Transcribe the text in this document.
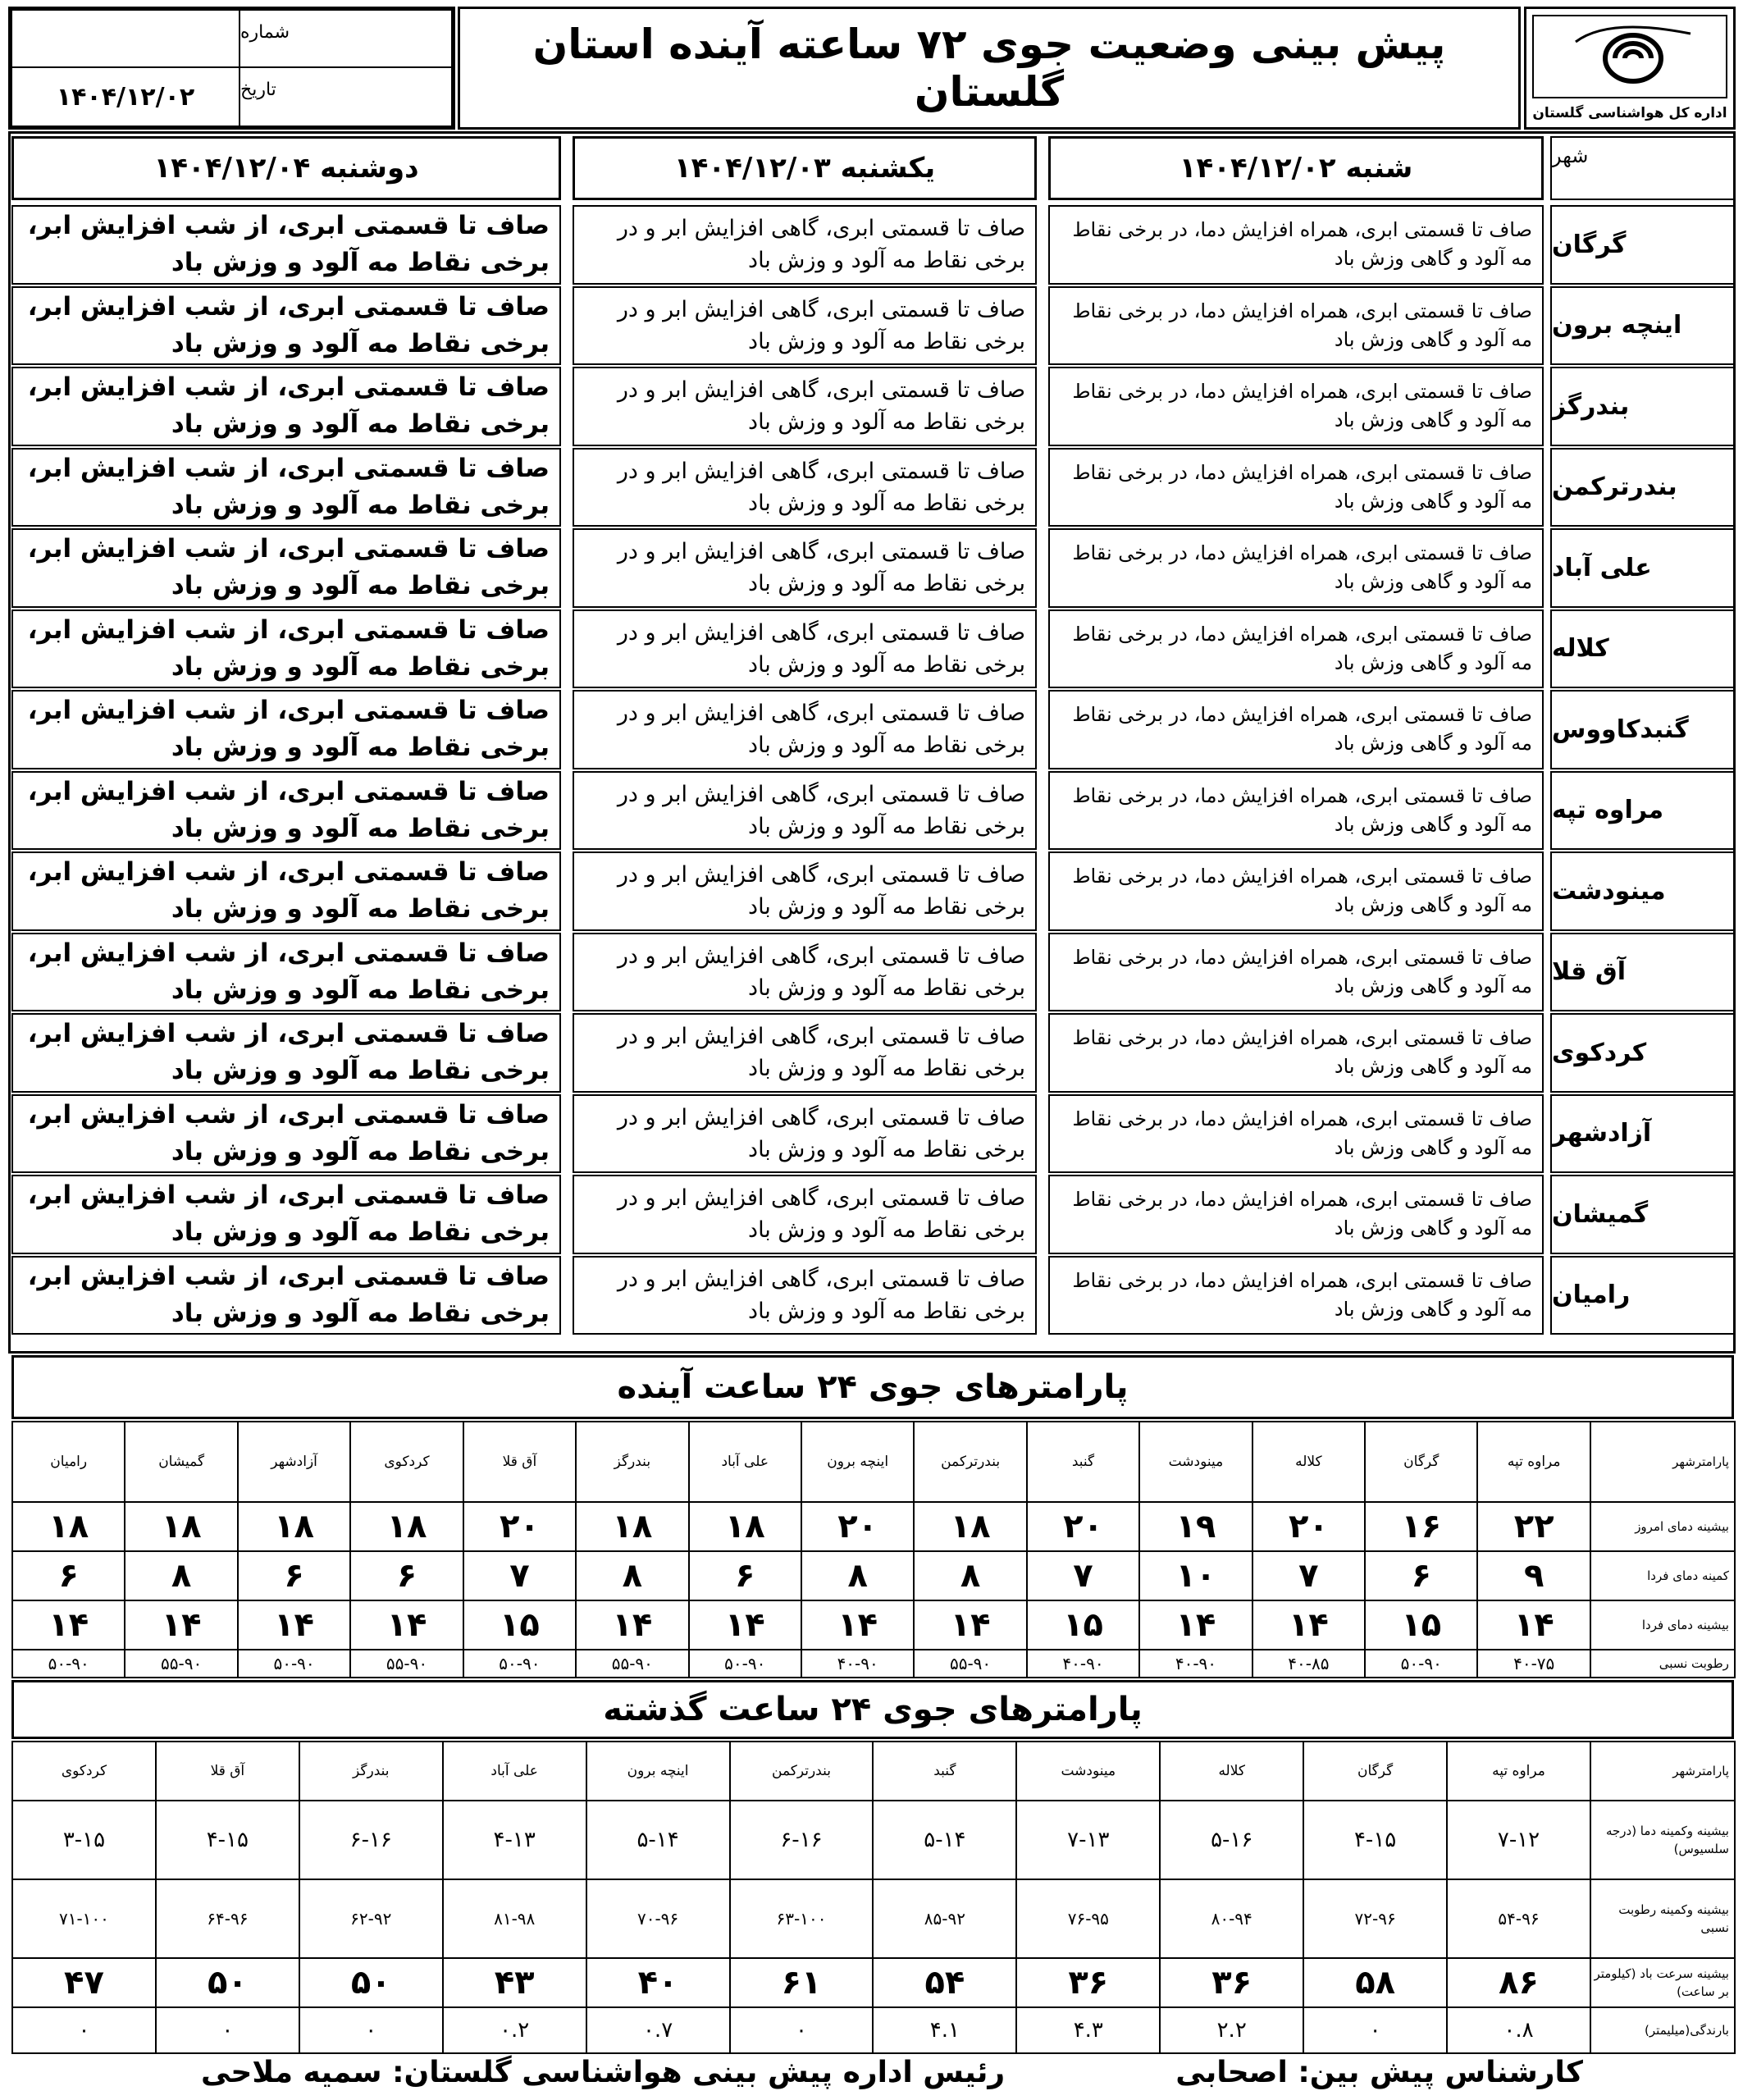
اداره کل هواشناسی گلستان
پیش بینی وضعیت جوی ۷۲ ساعته آینده استان گلستان
شماره
تاریخ
۱۴۰۴/۱۲/۰۲
شنبه ۱۴۰۴/۱۲/۰۲
یکشنبه ۱۴۰۴/۱۲/۰۳
دوشنبه ۱۴۰۴/۱۲/۰۴	شهر
گرگان
صاف تا قسمتی ابری، همراه افزایش دما، در برخی نقاط مه آلود و گاهی وزش باد
صاف تا قسمتی ابری، گاهی افزایش ابر و در برخی نقاط مه آلود و وزش باد
صاف تا قسمتی ابری، از شب افزایش ابر، برخی نقاط مه آلود و وزش باد
اینچه برون
صاف تا قسمتی ابری، همراه افزایش دما، در برخی نقاط مه آلود و گاهی وزش باد
صاف تا قسمتی ابری، گاهی افزایش ابر و در برخی نقاط مه آلود و وزش باد
صاف تا قسمتی ابری، از شب افزایش ابر، برخی نقاط مه آلود و وزش باد
بندرگز
صاف تا قسمتی ابری، همراه افزایش دما، در برخی نقاط مه آلود و گاهی وزش باد
صاف تا قسمتی ابری، گاهی افزایش ابر و در برخی نقاط مه آلود و وزش باد
صاف تا قسمتی ابری، از شب افزایش ابر، برخی نقاط مه آلود و وزش باد
بندرترکمن
صاف تا قسمتی ابری، همراه افزایش دما، در برخی نقاط مه آلود و گاهی وزش باد
صاف تا قسمتی ابری، گاهی افزایش ابر و در برخی نقاط مه آلود و وزش باد
صاف تا قسمتی ابری، از شب افزایش ابر، برخی نقاط مه آلود و وزش باد
علی آباد
صاف تا قسمتی ابری، همراه افزایش دما، در برخی نقاط مه آلود و گاهی وزش باد
صاف تا قسمتی ابری، گاهی افزایش ابر و در برخی نقاط مه آلود و وزش باد
صاف تا قسمتی ابری، از شب افزایش ابر، برخی نقاط مه آلود و وزش باد
کلاله
صاف تا قسمتی ابری، همراه افزایش دما، در برخی نقاط مه آلود و گاهی وزش باد
صاف تا قسمتی ابری، گاهی افزایش ابر و در برخی نقاط مه آلود و وزش باد
صاف تا قسمتی ابری، از شب افزایش ابر، برخی نقاط مه آلود و وزش باد
گنبدکاووس
صاف تا قسمتی ابری، همراه افزایش دما، در برخی نقاط مه آلود و گاهی وزش باد
صاف تا قسمتی ابری، گاهی افزایش ابر و در برخی نقاط مه آلود و وزش باد
صاف تا قسمتی ابری، از شب افزایش ابر، برخی نقاط مه آلود و وزش باد
مراوه تپه
صاف تا قسمتی ابری، همراه افزایش دما، در برخی نقاط مه آلود و گاهی وزش باد
صاف تا قسمتی ابری، گاهی افزایش ابر و در برخی نقاط مه آلود و وزش باد
صاف تا قسمتی ابری، از شب افزایش ابر، برخی نقاط مه آلود و وزش باد
مینودشت
صاف تا قسمتی ابری، همراه افزایش دما، در برخی نقاط مه آلود و گاهی وزش باد
صاف تا قسمتی ابری، گاهی افزایش ابر و در برخی نقاط مه آلود و وزش باد
صاف تا قسمتی ابری، از شب افزایش ابر، برخی نقاط مه آلود و وزش باد
آق قلا
صاف تا قسمتی ابری، همراه افزایش دما، در برخی نقاط مه آلود و گاهی وزش باد
صاف تا قسمتی ابری، گاهی افزایش ابر و در برخی نقاط مه آلود و وزش باد
صاف تا قسمتی ابری، از شب افزایش ابر، برخی نقاط مه آلود و وزش باد
کردکوی
صاف تا قسمتی ابری، همراه افزایش دما، در برخی نقاط مه آلود و گاهی وزش باد
صاف تا قسمتی ابری، گاهی افزایش ابر و در برخی نقاط مه آلود و وزش باد
صاف تا قسمتی ابری، از شب افزایش ابر، برخی نقاط مه آلود و وزش باد
آزادشهر
صاف تا قسمتی ابری، همراه افزایش دما، در برخی نقاط مه آلود و گاهی وزش باد
صاف تا قسمتی ابری، گاهی افزایش ابر و در برخی نقاط مه آلود و وزش باد
صاف تا قسمتی ابری، از شب افزایش ابر، برخی نقاط مه آلود و وزش باد
گمیشان
صاف تا قسمتی ابری، همراه افزایش دما، در برخی نقاط مه آلود و گاهی وزش باد
صاف تا قسمتی ابری، گاهی افزایش ابر و در برخی نقاط مه آلود و وزش باد
صاف تا قسمتی ابری، از شب افزایش ابر، برخی نقاط مه آلود و وزش باد
رامیان
صاف تا قسمتی ابری، همراه افزایش دما، در برخی نقاط مه آلود و گاهی وزش باد
صاف تا قسمتی ابری، گاهی افزایش ابر و در برخی نقاط مه آلود و وزش باد
صاف تا قسمتی ابری، از شب افزایش ابر، برخی نقاط مه آلود و وزش باد
پارامترهای جوی ۲۴ ساعت آینده
پارامترشهر	مراوه تپه	گرگان	کلاله	مینودشت	گنبد	بندرترکمن	اینچه برون	علی آباد	بندرگز	آق قلا	کردکوی	آزادشهر	گمیشان	رامیان
بیشینه دمای امروز	۲۲	۱۶	۲۰	۱۹	۲۰	۱۸	۲۰	۱۸	۱۸	۲۰	۱۸	۱۸	۱۸	۱۸
کمینه دمای فردا	۹	۶	۷	۱۰	۷	۸	۸	۶	۸	۷	۶	۶	۸	۶
بیشینه دمای فردا	۱۴	۱۵	۱۴	۱۴	۱۵	۱۴	۱۴	۱۴	۱۴	۱۵	۱۴	۱۴	۱۴	۱۴
رطوبت نسبی	۴۰-۷۵	۵۰-۹۰	۴۰-۸۵	۴۰-۹۰	۴۰-۹۰	۵۵-۹۰	۴۰-۹۰	۵۰-۹۰	۵۵-۹۰	۵۰-۹۰	۵۵-۹۰	۵۰-۹۰	۵۵-۹۰	۵۰-۹۰
پارامترهای جوی ۲۴ ساعت گذشته
پارامترشهر	مراوه تپه	گرگان	کلاله	مینودشت	گنبد	بندرترکمن	اینچه برون	علی آباد	بندرگز	آق قلا	کردکوی
بیشینه وکمینه دما (درجه سلسیوس)	۷-۱۲	۴-۱۵	۵-۱۶	۷-۱۳	۵-۱۴	۶-۱۶	۵-۱۴	۴-۱۳	۶-۱۶	۴-۱۵	۳-۱۵
بیشینه وکمینه رطوبت نسبی	۵۴-۹۶	۷۲-۹۶	۸۰-۹۴	۷۶-۹۵	۸۵-۹۲	۶۳-۱۰۰	۷۰-۹۶	۸۱-۹۸	۶۲-۹۲	۶۴-۹۶	۷۱-۱۰۰
بیشینه سرعت باد (کیلومتر بر ساعت)	۸۶	۵۸	۳۶	۳۶	۵۴	۶۱	۴۰	۴۳	۵۰	۵۰	۴۷
بارندگی(میلیمتر)	۰.۸	۰	۲.۲	۴.۳	۴.۱	۰	۰.۷	۰.۲	۰	۰	۰
کارشناس پیش بین: اصحابی
رئیس اداره پیش بینی هواشناسی گلستان: سمیه ملاحی
